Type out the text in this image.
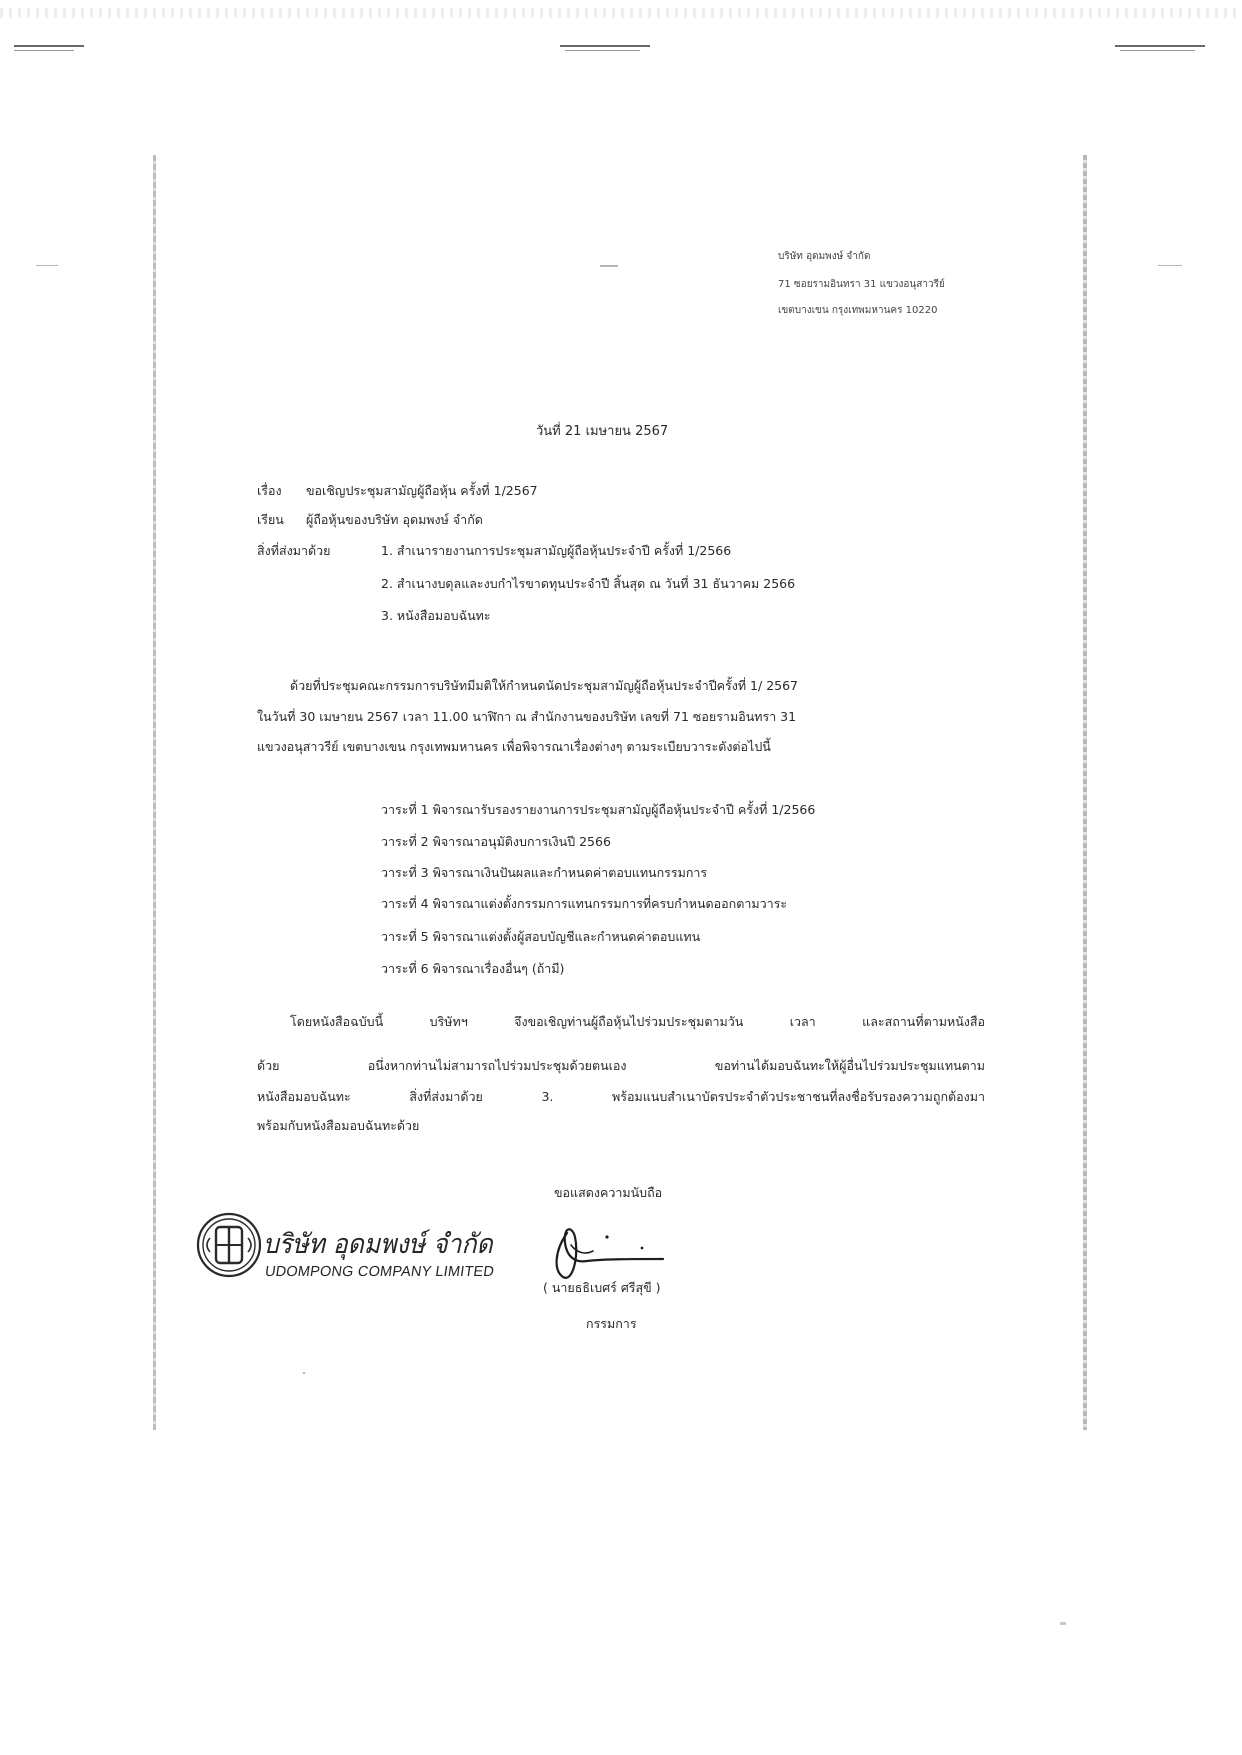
บริษัท อุดมพงษ์ จำกัด
71 ซอยรามอินทรา 31 แขวงอนุสาวรีย์
เขตบางเขน กรุงเทพมหานคร 10220
วันที่ 21 เมษายน 2567
เรื่อง ขอเชิญประชุมสามัญผู้ถือหุ้น ครั้งที่ 1/2567
เรียน ผู้ถือหุ้นของบริษัท อุดมพงษ์ จำกัด
สิ่งที่ส่งมาด้วย	1. สำเนารายงานการประชุมสามัญผู้ถือหุ้นประจำปี ครั้งที่ 1/2566
2. สำเนางบดุลและงบกำไรขาดทุนประจำปี สิ้นสุด ณ วันที่ 31 ธันวาคม 2566
3. หนังสือมอบฉันทะ
ด้วยที่ประชุมคณะกรรมการบริษัทมีมติให้กำหนดนัดประชุมสามัญผู้ถือหุ้นประจำปีครั้งที่ 1/ 2567
ในวันที่ 30 เมษายน 2567 เวลา 11.00 นาฬิกา ณ สำนักงานของบริษัท เลขที่ 71 ซอยรามอินทรา 31
แขวงอนุสาวรีย์ เขตบางเขน กรุงเทพมหานคร เพื่อพิจารณาเรื่องต่างๆ ตามระเบียบวาระดังต่อไปนี้
วาระที่ 1 พิจารณารับรองรายงานการประชุมสามัญผู้ถือหุ้นประจำปี ครั้งที่ 1/2566
วาระที่ 2 พิจารณาอนุมัติงบการเงินปี 2566
วาระที่ 3 พิจารณาเงินปันผลและกำหนดค่าตอบแทนกรรมการ
วาระที่ 4 พิจารณาแต่งตั้งกรรมการแทนกรรมการที่ครบกำหนดออกตามวาระ
วาระที่ 5 พิจารณาแต่งตั้งผู้สอบบัญชีและกำหนดค่าตอบแทน
วาระที่ 6 พิจารณาเรื่องอื่นๆ (ถ้ามี)
โดยหนังสือฉบับนี้ บริษัทฯ จึงขอเชิญท่านผู้ถือหุ้นไปร่วมประชุมตามวัน เวลา และสถานที่ตามหนังสือ
ด้วย อนึ่งหากท่านไม่สามารถไปร่วมประชุมด้วยตนเอง ขอท่านได้มอบฉันทะให้ผู้อื่นไปร่วมประชุมแทนตาม
หนังสือมอบฉันทะ สิ่งที่ส่งมาด้วย 3. พร้อมแนบสำเนาบัตรประจำตัวประชาชนที่ลงชื่อรับรองความถูกต้องมา
พร้อมกับหนังสือมอบฉันทะด้วย
ขอแสดงความนับถือ
( นายธธิเบศร์ ศรีสุขี )
กรรมการ
บริษัท อุดมพงษ์ จำกัด
UDOMPONG COMPANY LIMITED
